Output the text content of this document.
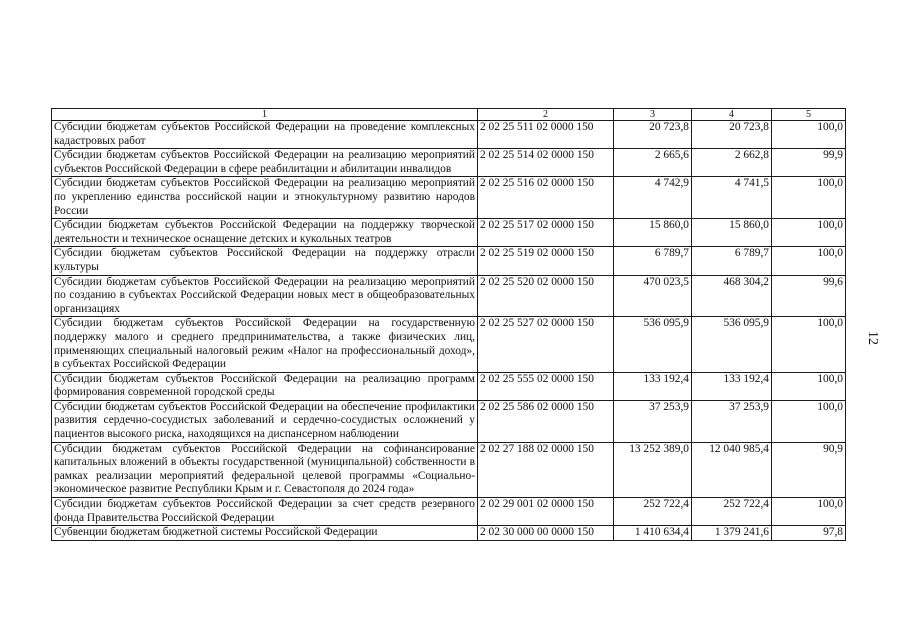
1	2	3	4	5
Субсидии бюджетам субъектов Российской Федерации на проведение комплексных кадастровых работ	2 02 25 511 02 0000 150	20 723,8	20 723,8	100,0
Субсидии бюджетам субъектов Российской Федерации на реализацию мероприятий субъектов Российской Федерации в сфере реабилитации и абилитации инвалидов	2 02 25 514 02 0000 150	2 665,6	2 662,8	99,9
Субсидии бюджетам субъектов Российской Федерации на реализацию мероприятий по укреплению единства российской нации и этнокультурному развитию народов России	2 02 25 516 02 0000 150	4 742,9	4 741,5	100,0
Субсидии бюджетам субъектов Российской Федерации на поддержку творческой деятельности и техническое оснащение детских и кукольных театров	2 02 25 517 02 0000 150	15 860,0	15 860,0	100,0
Субсидии бюджетам субъектов Российской Федерации на поддержку отрасли культуры	2 02 25 519 02 0000 150	6 789,7	6 789,7	100,0
Субсидии бюджетам субъектов Российской Федерации на реализацию мероприятий по созданию в субъектах Российской Федерации новых мест в общеобразовательных организациях	2 02 25 520 02 0000 150	470 023,5	468 304,2	99,6
Субсидии бюджетам субъектов Российской Федерации на государственную поддержку малого и среднего предпринимательства, а также физических лиц, применяющих специальный налоговый режим «Налог на профессиональный доход», в субъектах Российской Федерации	2 02 25 527 02 0000 150	536 095,9	536 095,9	100,0
Субсидии бюджетам субъектов Российской Федерации на реализацию программ формирования современной городской среды	2 02 25 555 02 0000 150	133 192,4	133 192,4	100,0
Субсидии бюджетам субъектов Российской Федерации на обеспечение профилактики развития сердечно-сосудистых заболеваний и сердечно-сосудистых осложнений у пациентов высокого риска, находящихся на диспансерном наблюдении	2 02 25 586 02 0000 150	37 253,9	37 253,9	100,0
Субсидии бюджетам субъектов Российской Федерации на софинансирование капитальных вложений в объекты государственной (муниципальной) собственности в рамках реализации мероприятий федеральной целевой программы «Социально-экономическое развитие Республики Крым и г. Севастополя до 2024 года»	2 02 27 188 02 0000 150	13 252 389,0	12 040 985,4	90,9
Субсидии бюджетам субъектов Российской Федерации за счет средств резервного фонда Правительства Российской Федерации	2 02 29 001 02 0000 150	252 722,4	252 722,4	100,0
Субвенции бюджетам бюджетной системы Российской Федерации	2 02 30 000 00 0000 150	1 410 634,4	1 379 241,6	97,8
12
